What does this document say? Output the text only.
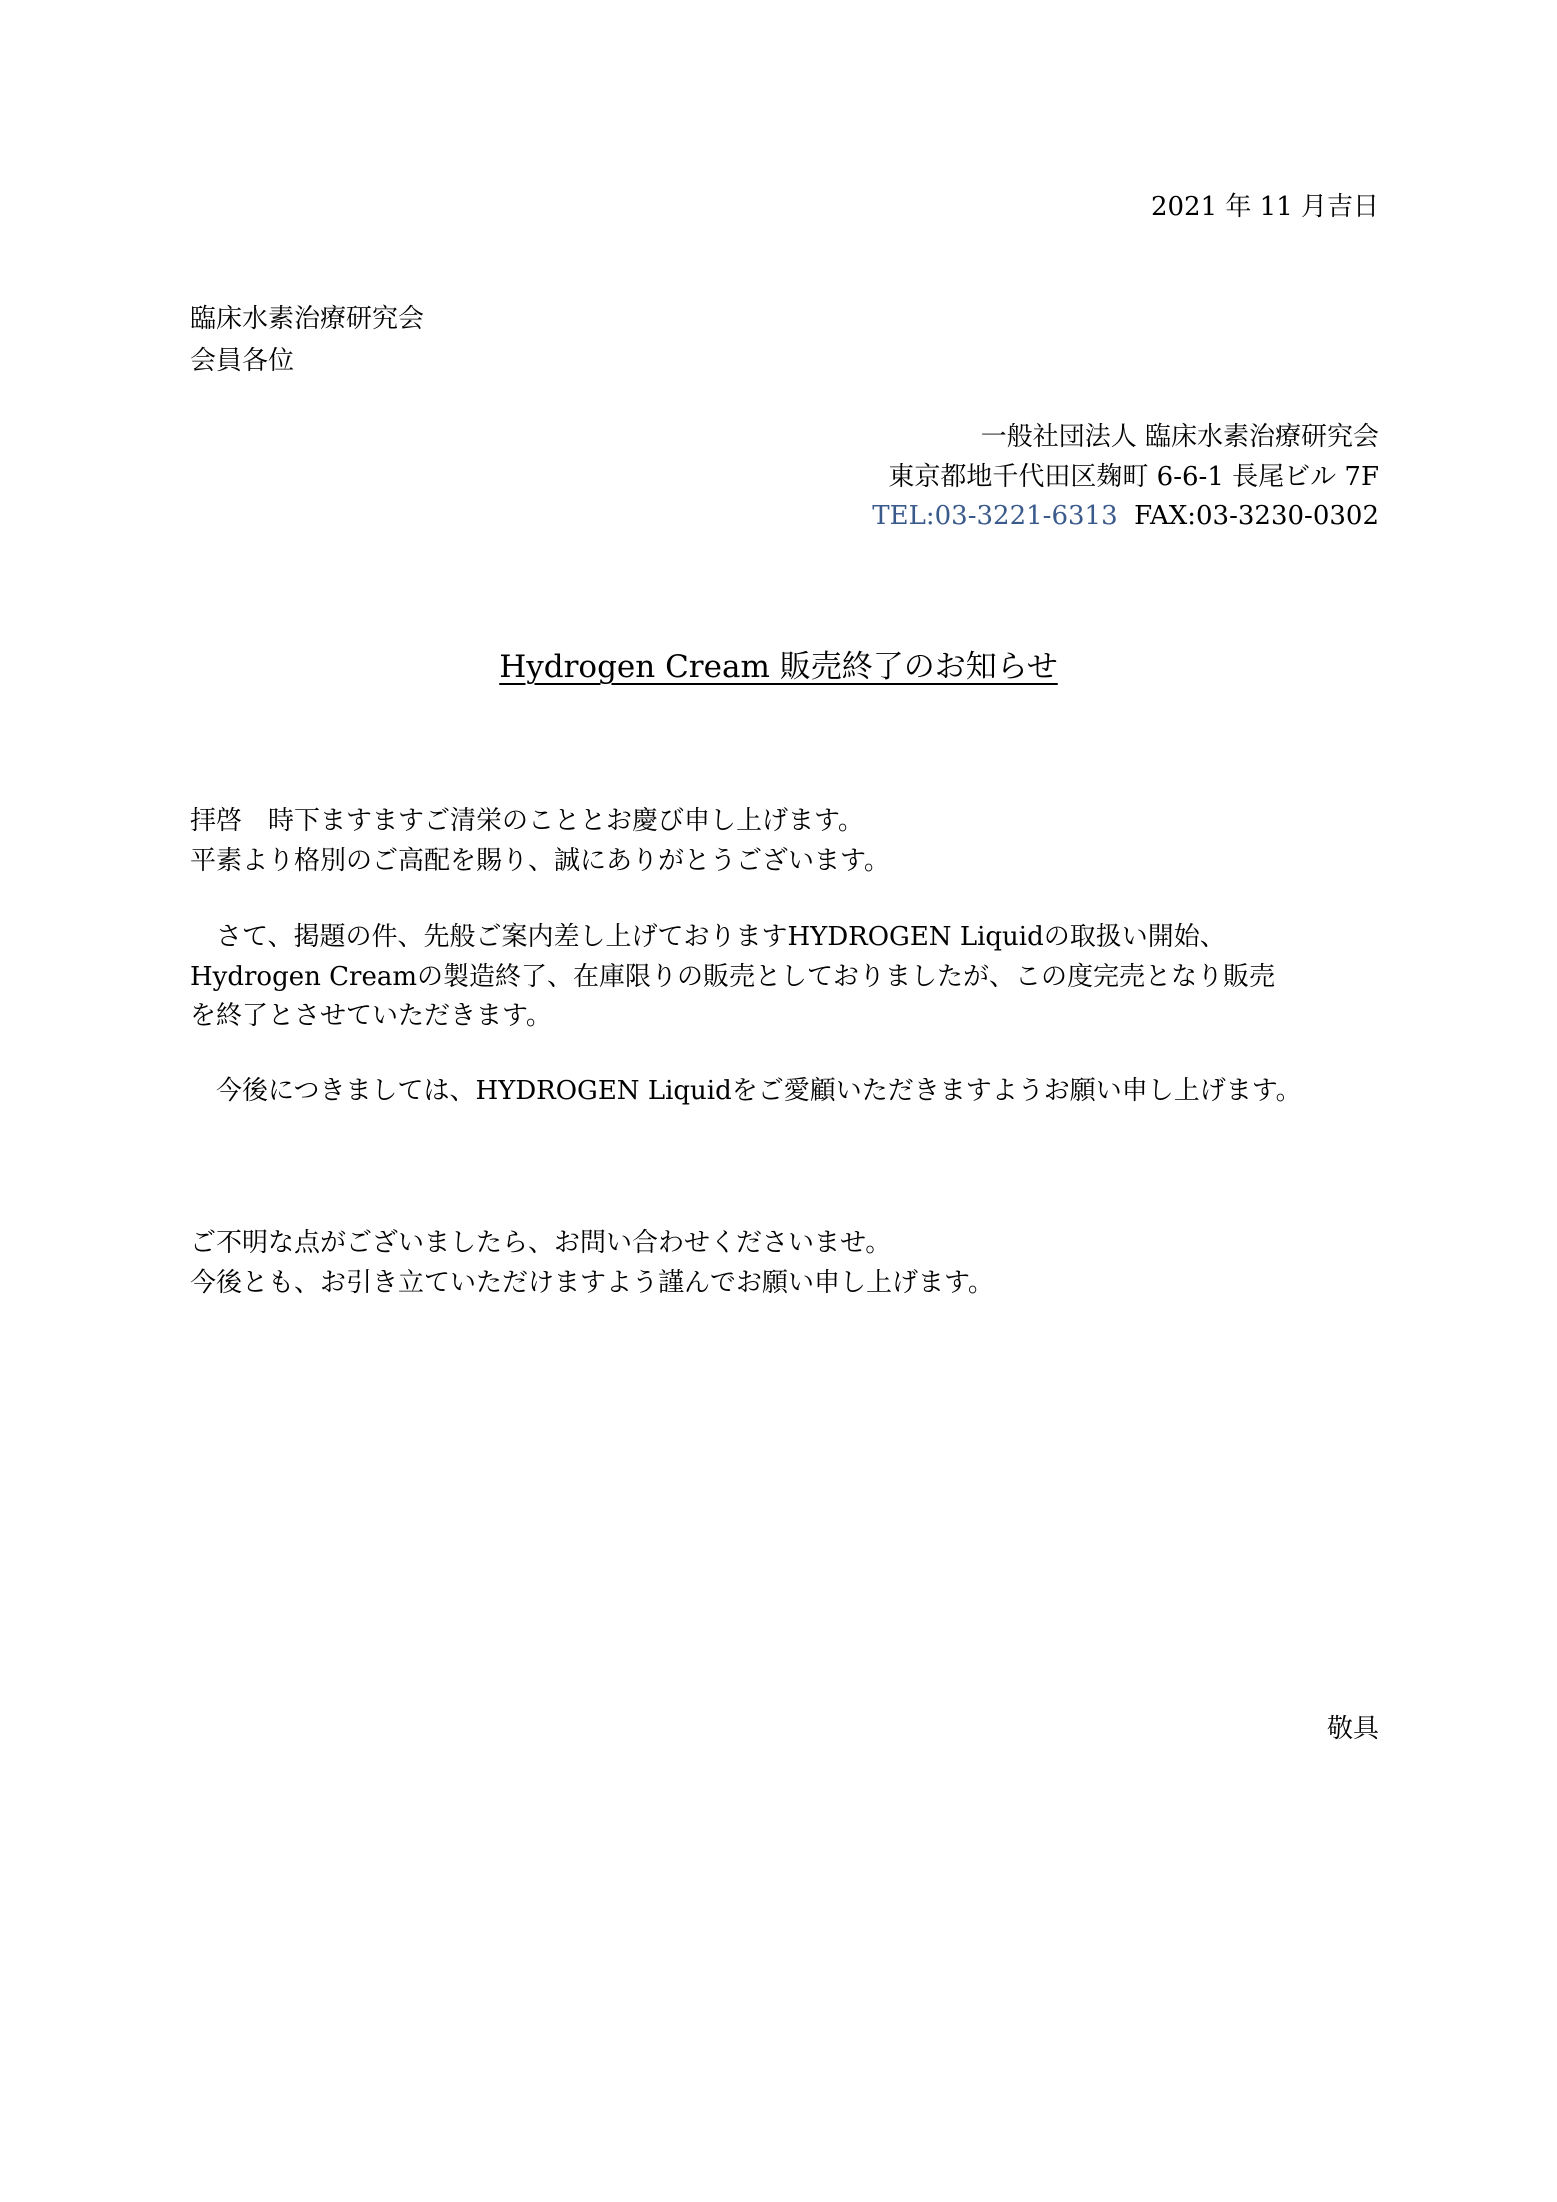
2021 年 11 月吉日
臨床水素治療研究会
会員各位
一般社団法人 臨床水素治療研究会
東京都地千代田区麹町 6-6-1 長尾ビル 7F
TEL:03-3221-6313 FAX:03-3230-0302
Hydrogen Cream 販売終了のお知らせ
拝啓　時下ますますご清栄のこととお慶び申し上げます。
平素より格別のご高配を賜り、誠にありがとうございます。
　さて、掲題の件、先般ご案内差し上げておりますHYDROGEN Liquidの取扱い開始、
Hydrogen Creamの製造終了、在庫限りの販売としておりましたが、この度完売となり販売
を終了とさせていただきます。
　今後につきましては、HYDROGEN Liquidをご愛顧いただきますようお願い申し上げます。
ご不明な点がございましたら、お問い合わせくださいませ。
今後とも、お引き立ていただけますよう謹んでお願い申し上げます。
敬具
